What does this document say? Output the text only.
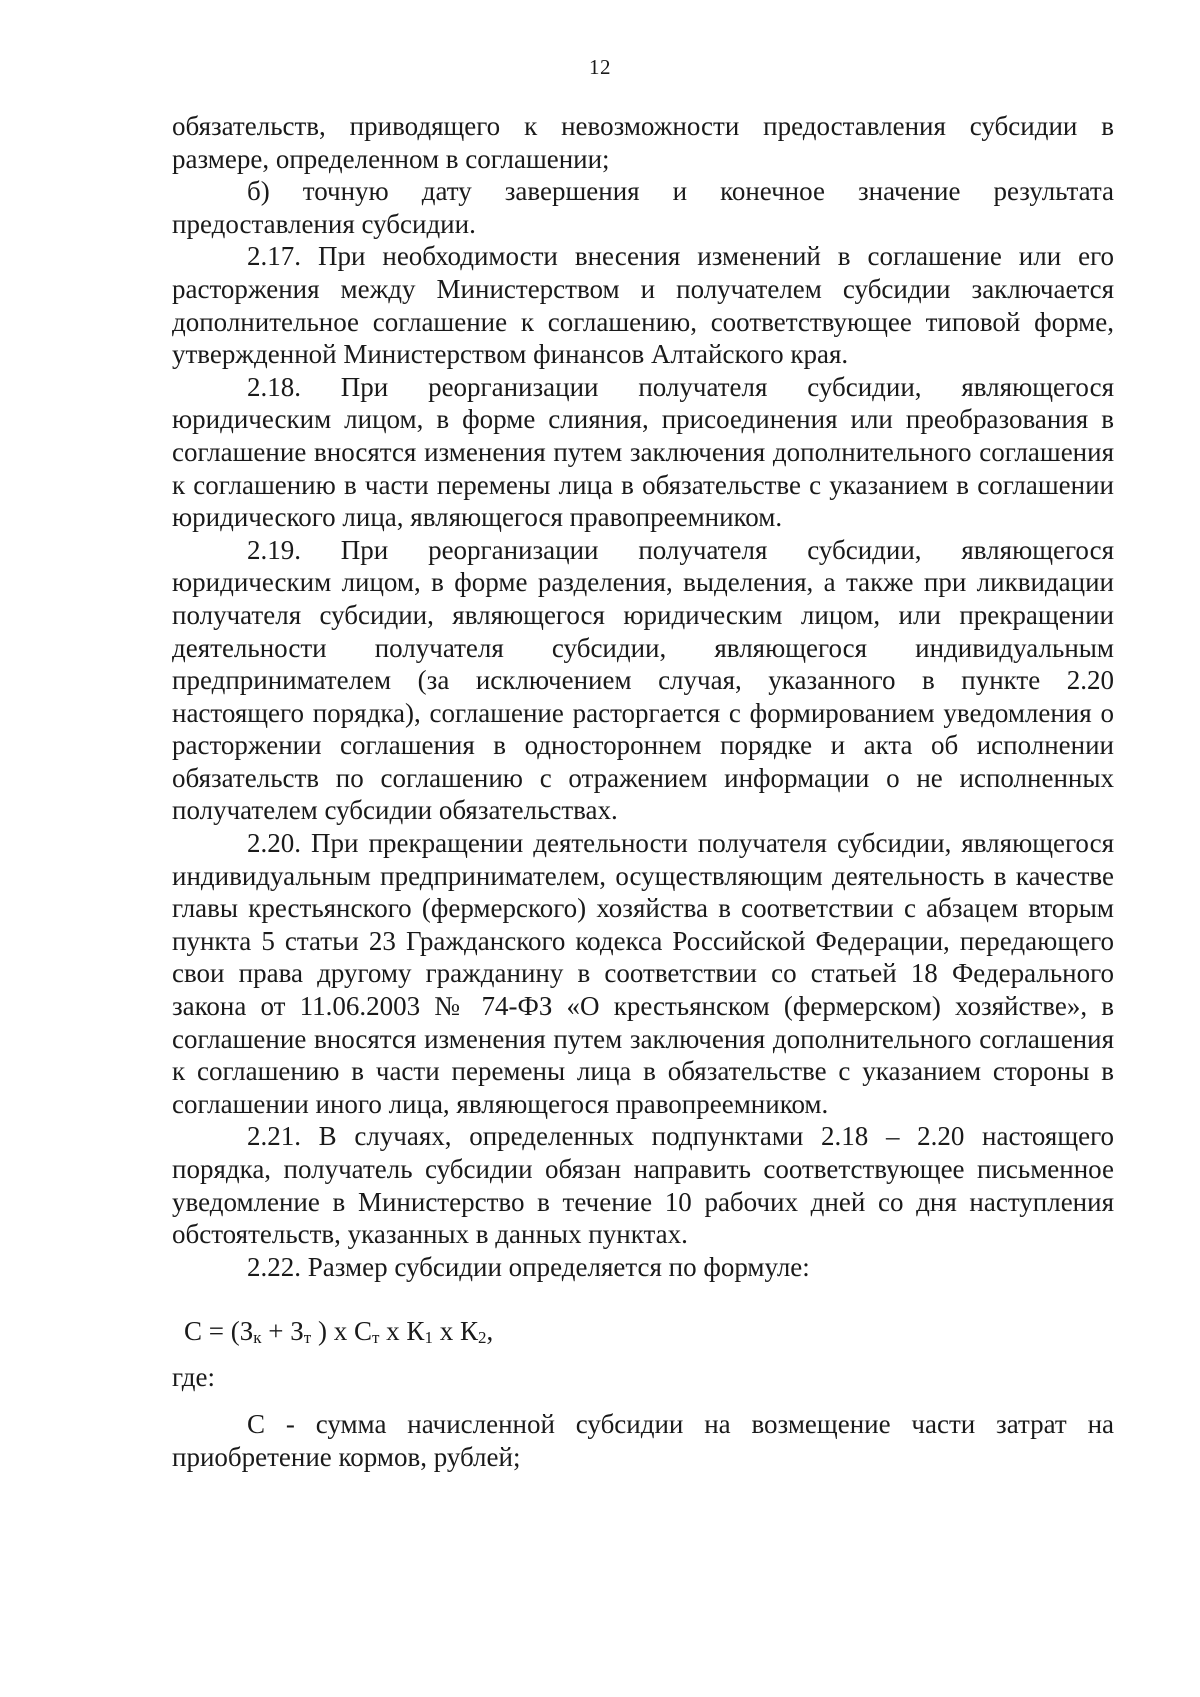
12

обязательств, приводящего к невозможности предоставления субсидии в размере, определенном в соглашении;

б) точную дату завершения и конечное значение результата предоставления субсидии.

2.17. При необходимости внесения изменений в соглашение или его расторжения между Министерством и получателем субсидии заключается дополнительное соглашение к соглашению, соответствующее типовой форме, утвержденной Министерством финансов Алтайского края.

2.18. При реорганизации получателя субсидии, являющегося юридическим лицом, в форме слияния, присоединения или преобразования в соглашение вносятся изменения путем заключения дополнительного соглашения к соглашению в части перемены лица в обязательстве с указанием в соглашении юридического лица, являющегося правопреемником.

2.19. При реорганизации получателя субсидии, являющегося юридическим лицом, в форме разделения, выделения, а также при ликвидации получателя субсидии, являющегося юридическим лицом, или прекращении деятельности получателя субсидии, являющегося индивидуальным предпринимателем (за исключением случая, указанного в пункте 2.20 настоящего порядка), соглашение расторгается с формированием уведомления о расторжении соглашения в одностороннем порядке и акта об исполнении обязательств по соглашению с отражением информации о не исполненных получателем субсидии обязательствах.

2.20. При прекращении деятельности получателя субсидии, являющегося индивидуальным предпринимателем, осуществляющим деятельность в качестве главы крестьянского (фермерского) хозяйства в соответствии с абзацем вторым пункта 5 статьи 23 Гражданского кодекса Российской Федерации, передающего свои права другому гражданину в соответствии со статьей 18 Федерального закона от 11.06.2003 № 74-ФЗ «О крестьянском (фермерском) хозяйстве», в соглашение вносятся изменения путем заключения дополнительного соглашения к соглашению в части перемены лица в обязательстве с указанием стороны в соглашении иного лица, являющегося правопреемником.

2.21. В случаях, определенных подпунктами 2.18 – 2.20 настоящего порядка, получатель субсидии обязан направить соответствующее письменное уведомление в Министерство в течение 10 рабочих дней со дня наступления обстоятельств, указанных в данных пунктах.

2.22. Размер субсидии определяется по формуле:

$С = (З_к + З_т$ ) х $С_т$ х $К_1$ х $К_2$,

где:

С - сумма начисленной субсидии на возмещение части затрат на приобретение кормов, рублей;
